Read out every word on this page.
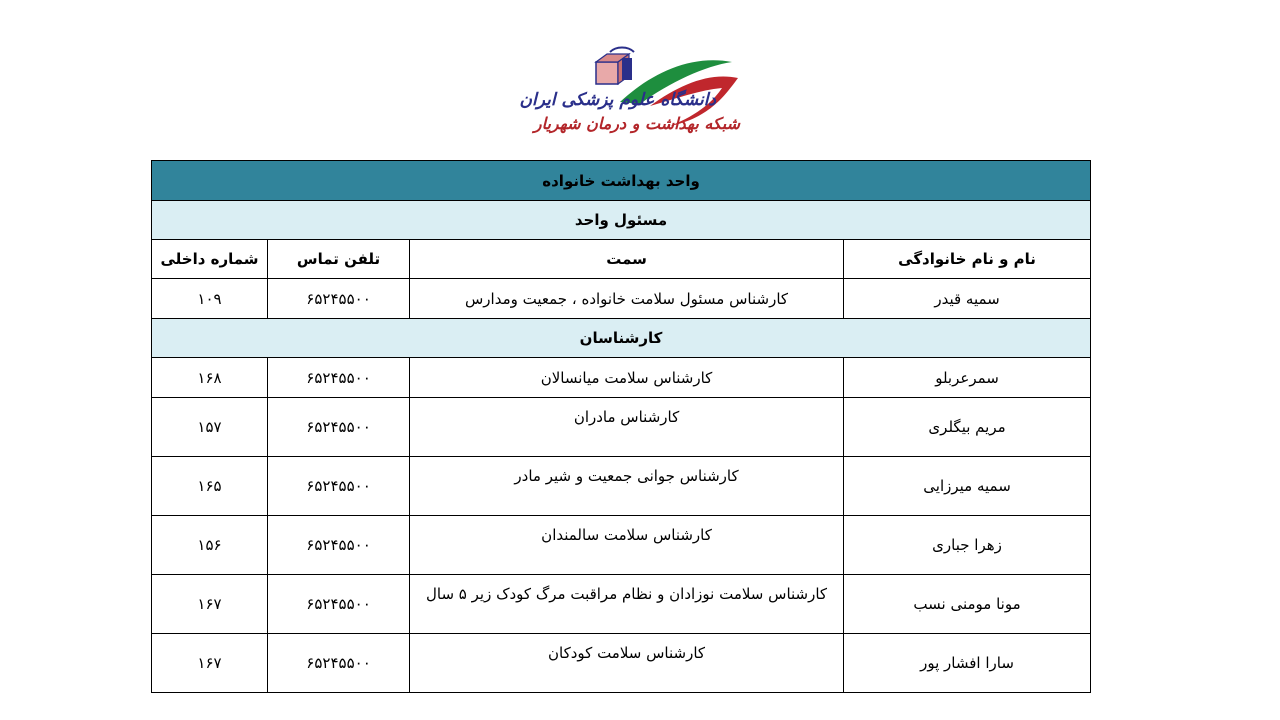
دانشگاه علوم پزشکی ایران
شبکه بهداشت و درمان شهریار
واحد بهداشت خانواده			
مسئول واحد			
نام و نام خانوادگی	سمت	تلفن تماس	شماره داخلی
سمیه قیدر	کارشناس مسئول سلامت خانواده ، جمعیت ومدارس	۶۵۲۴۵۵۰۰	۱۰۹
کارشناسان			
سمرعربلو	کارشناس سلامت میانسالان	۶۵۲۴۵۵۰۰	۱۶۸
مریم بیگلری	کارشناس مادران	۶۵۲۴۵۵۰۰	۱۵۷
سمیه میرزایی	کارشناس جوانی جمعیت و شیر مادر	۶۵۲۴۵۵۰۰	۱۶۵
زهرا جباری	کارشناس سلامت سالمندان	۶۵۲۴۵۵۰۰	۱۵۶
مونا مومنی نسب	کارشناس سلامت نوزادان و نظام مراقبت مرگ کودک زیر ۵ سال	۶۵۲۴۵۵۰۰	۱۶۷
سارا افشار پور	کارشناس سلامت کودکان	۶۵۲۴۵۵۰۰	۱۶۷
